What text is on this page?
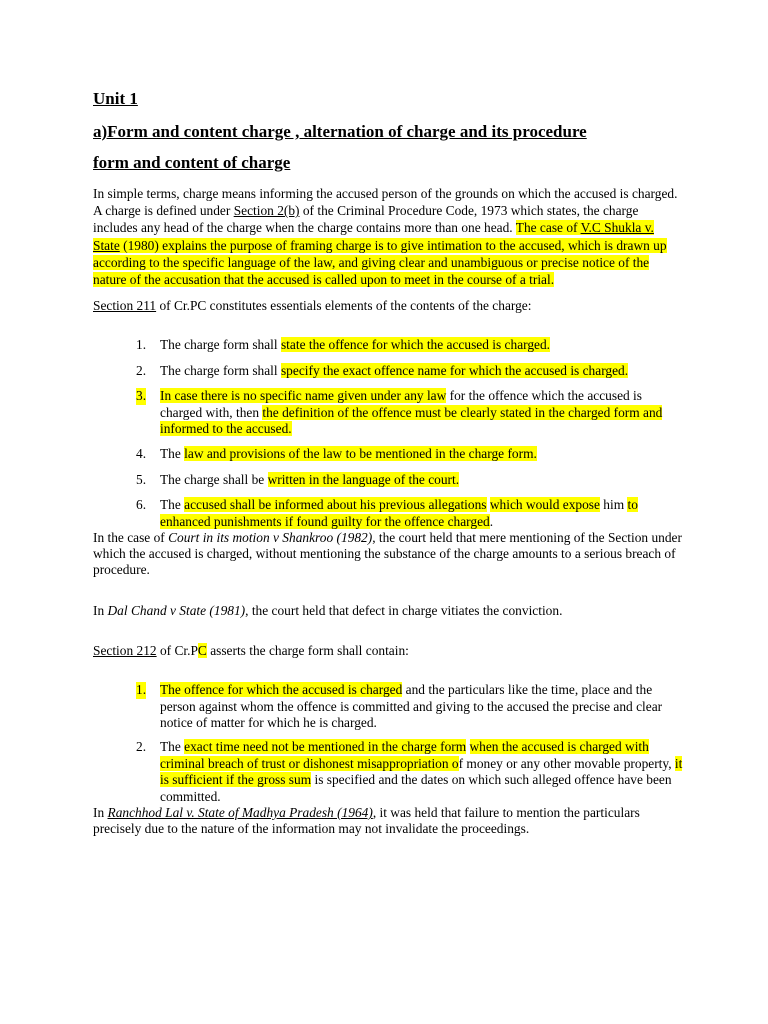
Unit 1
a)Form and content charge , alternation of charge and its procedure
form and content of charge

In simple terms, charge means informing the accused person of the grounds on which the accused is charged. A charge is defined under Section 2(b) of the Criminal Procedure Code, 1973 which states, the charge includes any head of the charge when the charge contains more than one head. The case of V.C Shukla v. State (1980) explains the purpose of framing charge is to give intimation to the accused, which is drawn up according to the specific language of the law, and giving clear and unambiguous or precise notice of the nature of the accusation that the accused is called upon to meet in the course of a trial.

Section 211 of Cr.PC constitutes essentials elements of the contents of the charge:

1. The charge form shall state the offence for which the accused is charged.
2. The charge form shall specify the exact offence name for which the accused is charged.
3. In case there is no specific name given under any law for the offence which the accused is charged with, then the definition of the offence must be clearly stated in the charged form and informed to the accused.
4. The law and provisions of the law to be mentioned in the charge form.
5. The charge shall be written in the language of the court.
6. The accused shall be informed about his previous allegations which would expose him to enhanced punishments if found guilty for the offence charged.

In the case of Court in its motion v Shankroo (1982), the court held that mere mentioning of the Section under which the accused is charged, without mentioning the substance of the charge amounts to a serious breach of procedure.

In Dal Chand v State (1981), the court held that defect in charge vitiates the conviction.

Section 212 of Cr.PC asserts the charge form shall contain:

1. The offence for which the accused is charged and the particulars like the time, place and the person against whom the offence is committed and giving to the accused the precise and clear notice of matter for which he is charged.
2. The exact time need not be mentioned in the charge form when the accused is charged with criminal breach of trust or dishonest misappropriation of money or any other movable property, it is sufficient if the gross sum is specified and the dates on which such alleged offence have been committed.

In Ranchhod Lal v. State of Madhya Pradesh (1964), it was held that failure to mention the particulars precisely due to the nature of the information may not invalidate the proceedings.
